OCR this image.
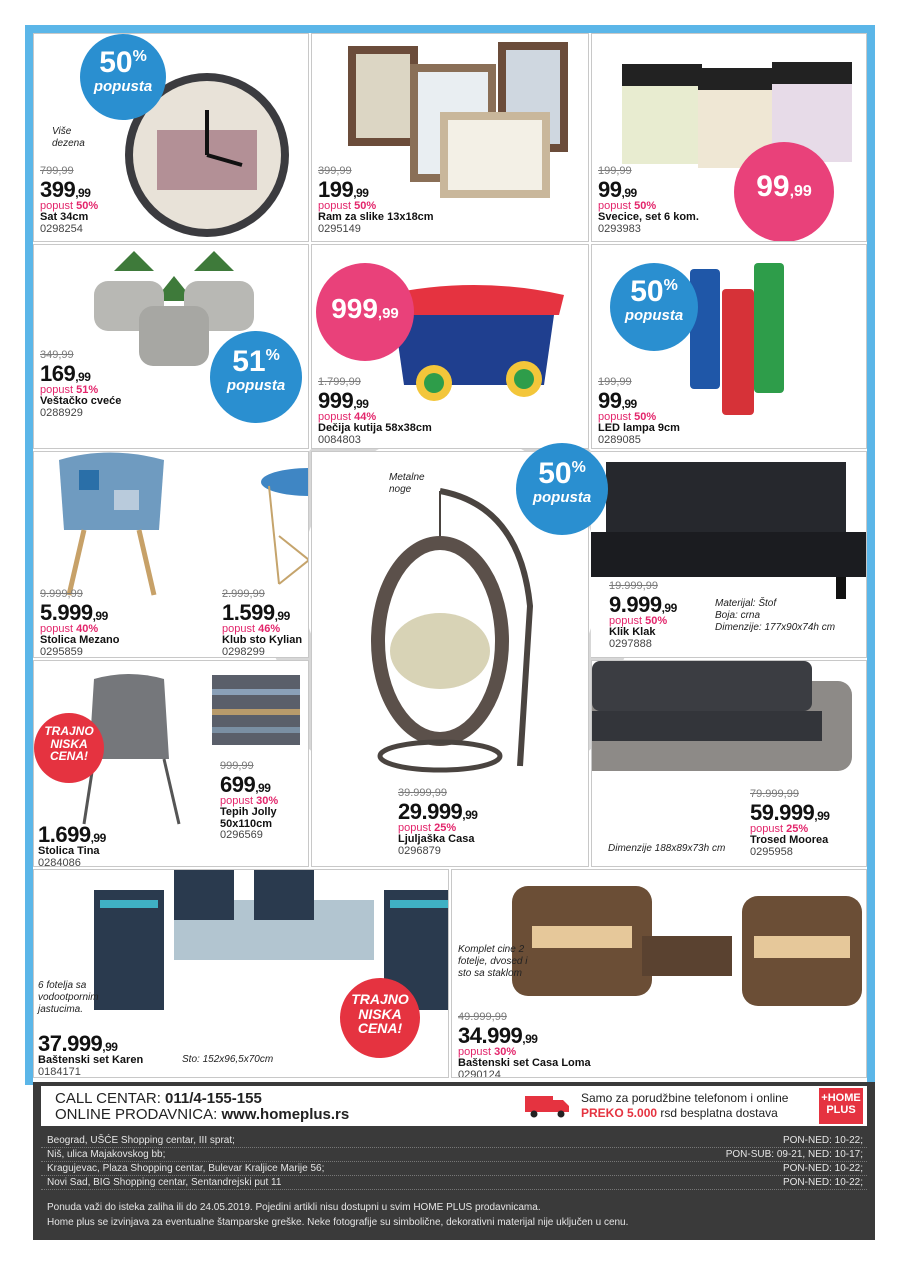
50%
popusta
Više dezena
799,99
399,99
popust 50%
Sat 34cm
0298254
399,99
199,99
popust 50%
Ram za slike 13x18cm
0295149
99,99
199,99
99,99
popust 50%
Svecice, set 6 kom.
0293983
51%
popusta
349,99
169,99
popust 51%
Veštačko cveće
0288929
999,99
1.799,99
999,99
popust 44%
Dečija kutija 58x38cm
0084803
50%
popusta
199,99
99,99
popust 50%
LED lampa 9cm
0289085
9.999,99
5.999,99
popust 40%
Stolica Mezano
0295859
2.999,99
1.599,99
popust 46%
Klub sto Kylian
0298299
Metalne noge
19.999,99
9.999,99
popust 50%
Klik Klak
0297888
Materijal: Štof
Boja: crna
Dimenzije: 177x90x74h cm
50%
popusta
TRAJNO
NISKA
CENA!
1.699,99
Stolica Tina
0284086
999,99
699,99
popust 30%
Tepih Jolly
50x110cm
0296569
39.999,99
29.999,99
popust 25%
Ljuljaška Casa
0296879	Dimenzije 188x89x73h cm
79.999,99
59.999,99
popust 25%
Trosed Moorea
0295958
6 fotelja sa vodootpornim jastucima.
Sto: 152x96,5x70cm
TRAJNO
NISKA
CENA!
37.999,99
Baštenski set Karen
0184171
Komplet cine 2 fotelje, dvosed i sto sa staklom
49.999,99
34.999,99
popust 30%
Baštenski set Casa Loma
0290124
CALL CENTAR: 011/4-155-155
ONLINE PRODAVNICA: www.homeplus.rs
Samo za porudžbine telefonom i online
PREKO 5.000 rsd besplatna dostava
+HOME
PLUS
Beograd, UŠĆE Shopping centar, III sprat;	PON-NED: 10-22;
Niš, ulica Majakovskog bb;	PON-SUB: 09-21, NED: 10-17;
Kragujevac, Plaza Shopping centar, Bulevar Kraljice Marije 56;	PON-NED: 10-22;
Novi Sad, BIG Shopping centar, Sentandrejski put 11	PON-NED: 10-22;
Ponuda važi do isteka zaliha ili do 24.05.2019. Pojedini artikli nisu dostupni u svim HOME PLUS prodavnicama.
Home plus se izvinjava za eventualne štamparske greške. Neke fotografije su simbolične, dekorativni materijal nije uključen u cenu.
